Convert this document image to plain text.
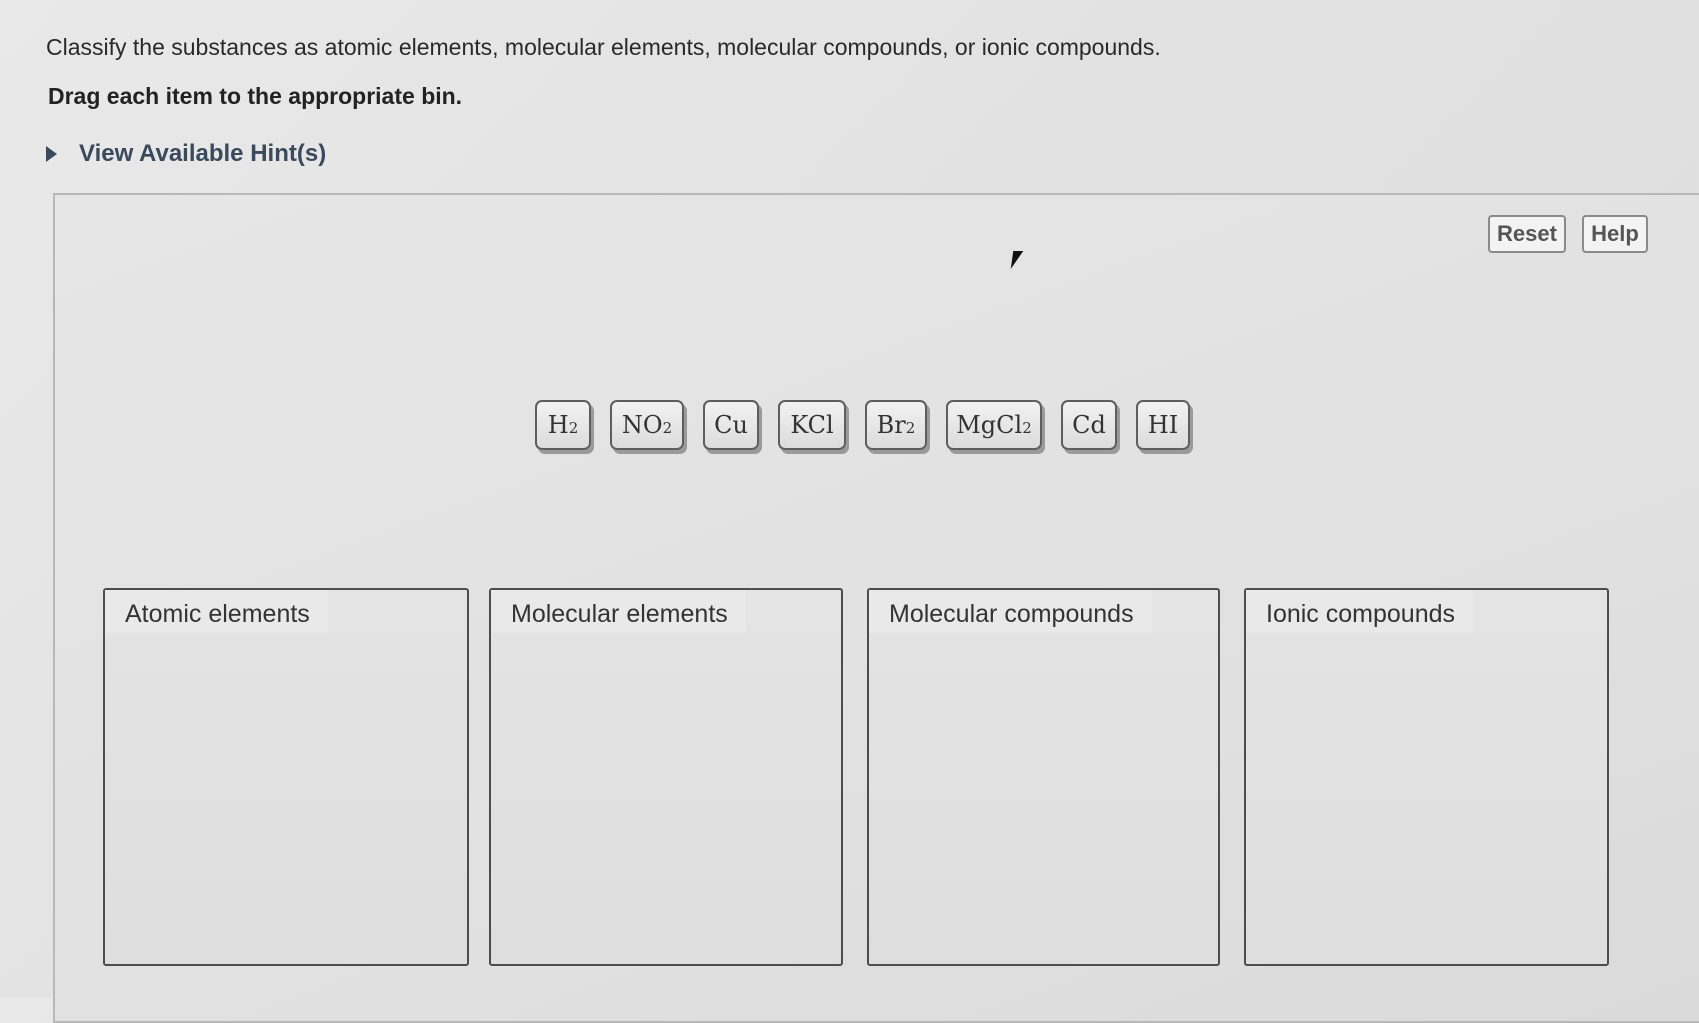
Classify the substances as atomic elements, molecular elements, molecular compounds, or ionic compounds.
Drag each item to the appropriate bin.
View Available Hint(s)
Reset	Help
$H_2$ $NO_2$ Cu KCl $Br_2$ MgCl$_2$ Cd HI
Atomic elements	Molecular elements	Molecular compounds	Ionic compounds
